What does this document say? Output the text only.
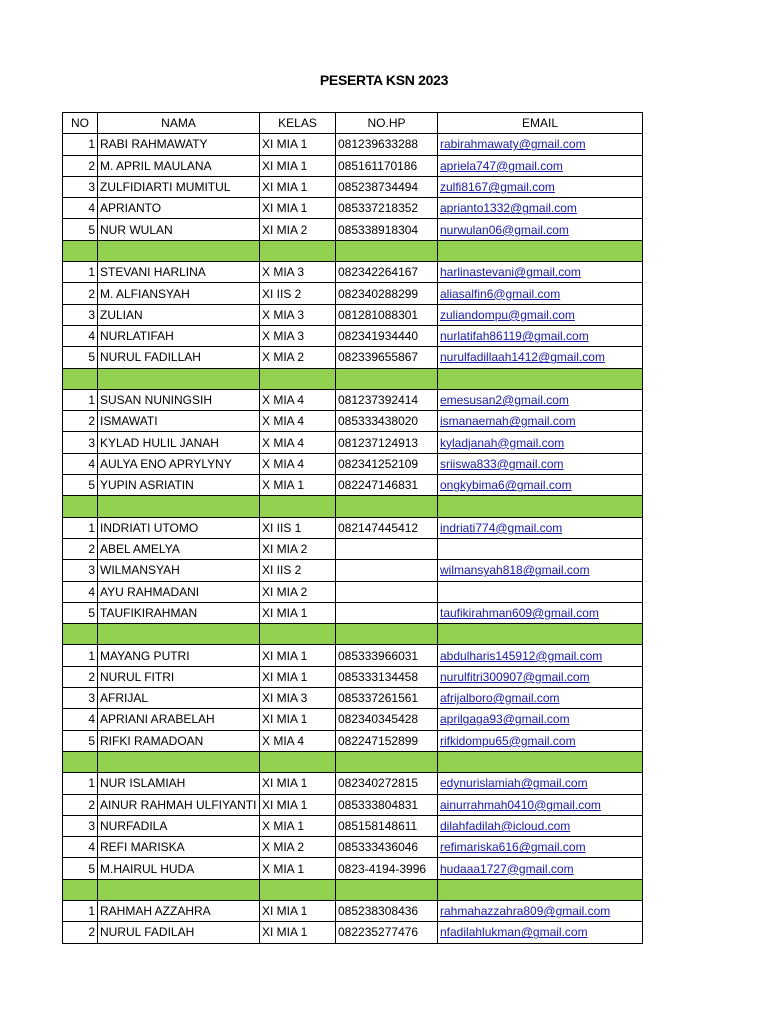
PESERTA KSN 2023
NO	NAMA	KELAS	NO.HP	EMAIL
1	RABI RAHMAWATY	XI MIA 1	081239633288	rabirahmawaty@gmail.com
2	M. APRIL MAULANA	XI MIA 1	085161170186	apriela747@gmail.com
3	ZULFIDIARTI MUMITUL	XI MIA 1	085238734494	zulfi8167@gmail.com
4	APRIANTO	XI MIA 1	085337218352	aprianto1332@gmail.com
5	NUR WULAN	XI MIA 2	085338918304	nurwulan06@gmail.com

1	STEVANI HARLINA	X MIA 3	082342264167	harlinastevani@gmail.com
2	M. ALFIANSYAH	XI IIS 2	082340288299	aliasalfin6@gmail.com
3	ZULIAN	X MIA 3	081281088301	zuliandompu@gmail.com
4	NURLATIFAH	X MIA 3	082341934440	nurlatifah86119@gmail.com
5	NURUL FADILLAH	X MIA 2	082339655867	nurulfadillaah1412@gmail.com

1	SUSAN NUNINGSIH	X MIA 4	081237392414	emesusan2@gmail.com
2	ISMAWATI	X MIA 4	085333438020	ismanaemah@gmail.com
3	KYLAD HULIL JANAH	X MIA 4	081237124913	kyladjanah@gmail.com
4	AULYA ENO APRYLYNY	X MIA 4	082341252109	sriiswa833@gmail.com
5	YUPIN ASRIATIN	X MIA 1	082247146831	ongkybima6@gmail.com

1	INDRIATI UTOMO	XI IIS 1	082147445412	indriati774@gmail.com
2	ABEL AMELYA	XI MIA 2		
3	WILMANSYAH	XI IIS 2		wilmansyah818@gmail.com
4	AYU RAHMADANI	XI MIA 2		
5	TAUFIKIRAHMAN	XI MIA 1		taufikirahman609@gmail.com

1	MAYANG PUTRI	XI MIA 1	085333966031	abdulharis145912@gmail.com
2	NURUL FITRI	XI MIA 1	085333134458	nurulfitri300907@gmail.com
3	AFRIJAL	XI MIA 3	085337261561	afrijalboro@gmail.com
4	APRIANI ARABELAH	XI MIA 1	082340345428	aprilgaga93@gmail.com
5	RIFKI RAMADOAN	X MIA 4	082247152899	rifkidompu65@gmail.com

1	NUR ISLAMIAH	XI MIA 1	082340272815	edynurislamiah@gmail.com
2	AINUR RAHMAH ULFIYANTI	XI MIA 1	085333804831	ainurrahmah0410@gmail.com
3	NURFADILA	X MIA 1	085158148611	dilahfadilah@icloud.com
4	REFI MARISKA	X MIA 2	085333436046	refimariska616@gmail.com
5	M.HAIRUL HUDA	X MIA 1	0823-4194-3996	hudaaa1727@gmail.com

1	RAHMAH AZZAHRA	XI MIA 1	085238308436	rahmahazzahra809@gmail.com
2	NURUL FADILAH	XI MIA 1	082235277476	nfadilahlukman@gmail.com
